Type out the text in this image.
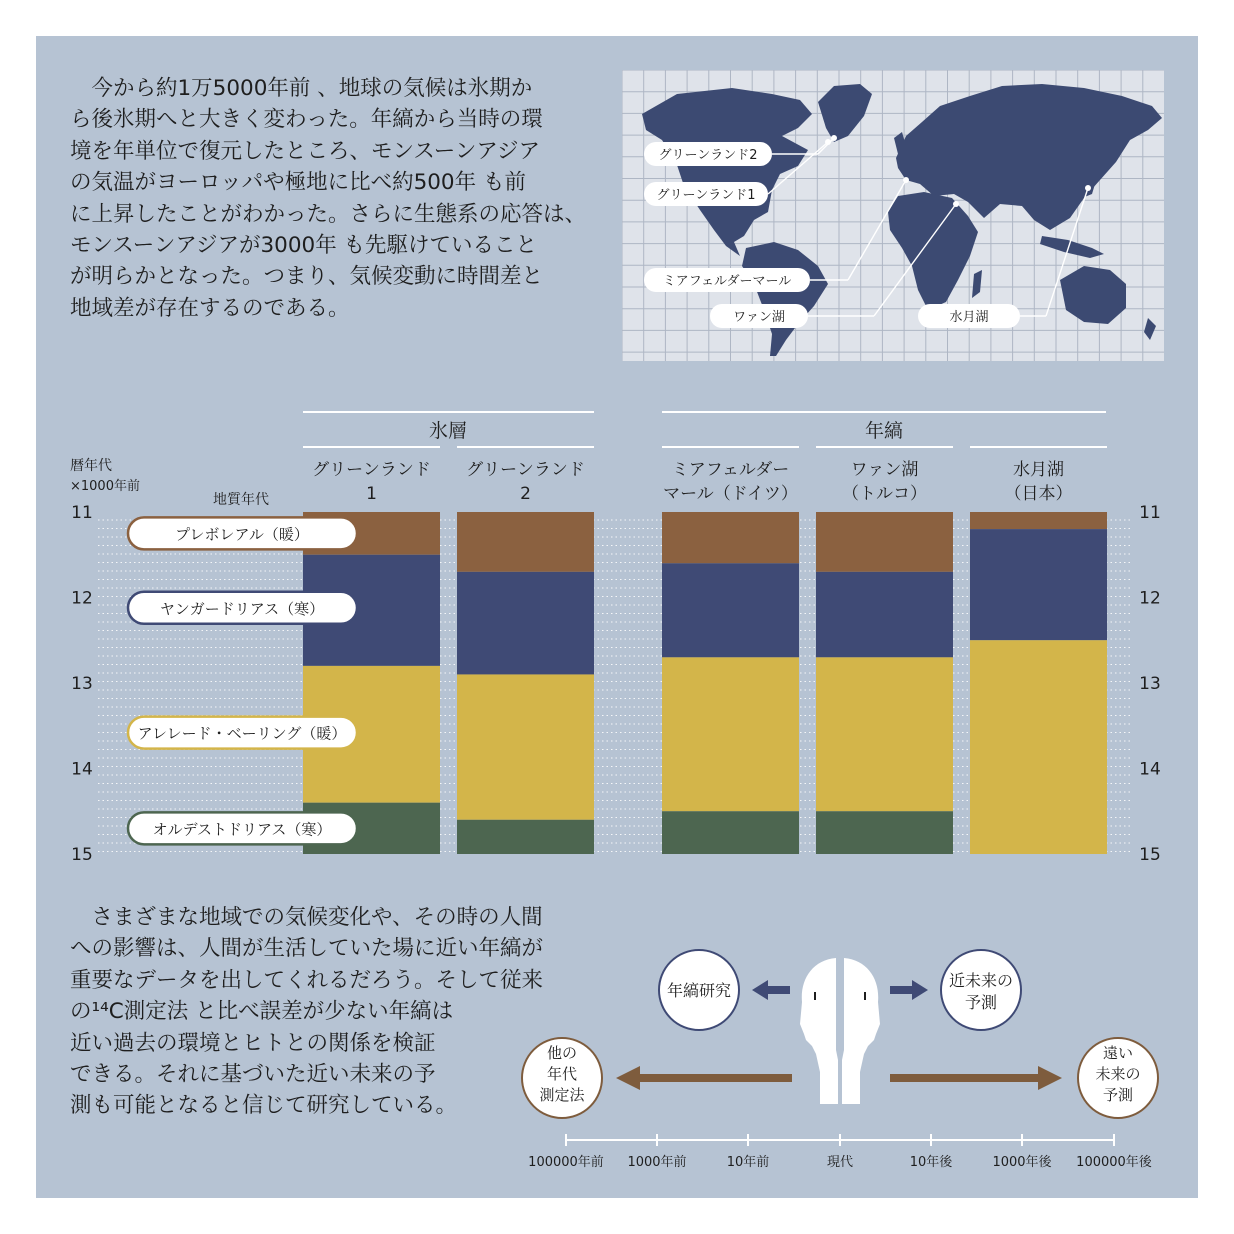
　今から約1万5000年前 、地球の気候は氷期か
ら後氷期へと大きく変わった。年縞から当時の環
境を年単位で復元したところ、モンスーンアジア
の気温がヨーロッパや極地に比べ約500年 も前
に上昇したことがわかった。さらに生態系の応答は、
モンスーンアジアが3000年 も先駆けていること
が明らかとなった。つまり、気候変動に時間差と
地域差が存在するのである。
グリーンランド2
グリーンランド1
ミアフェルダーマール
ワァン湖	水月湖
氷層	年縞
暦年代
×1000年前
地質年代
グリーンランド
1
グリーンランド
2
ミアフェルダー
マール（ドイツ）
ワァン湖
（トルコ）
水月湖
（日本）
11	11
12	12
13	13
14	14
15	15
プレボレアル（暖）
ヤンガードリアス（寒）
アレレード・ベーリング（暖）
オルデストドリアス（寒）
　さまざまな地域での気候変化や、その時の人間
への影響は、人間が生活していた場に近い年縞が
重要なデータを出してくれるだろう。そして従来
の¹⁴C測定法 と比べ誤差が少ない年縞は
近い過去の環境とヒトとの関係を検証
できる。それに基づいた近い未来の予
測も可能となると信じて研究している。
年縞研究
近未来の
予測
他の
年代
測定法
遠い
未来の
予測
100000年前 1000年前	10年前	現代	10年後	1000年後 100000年後
